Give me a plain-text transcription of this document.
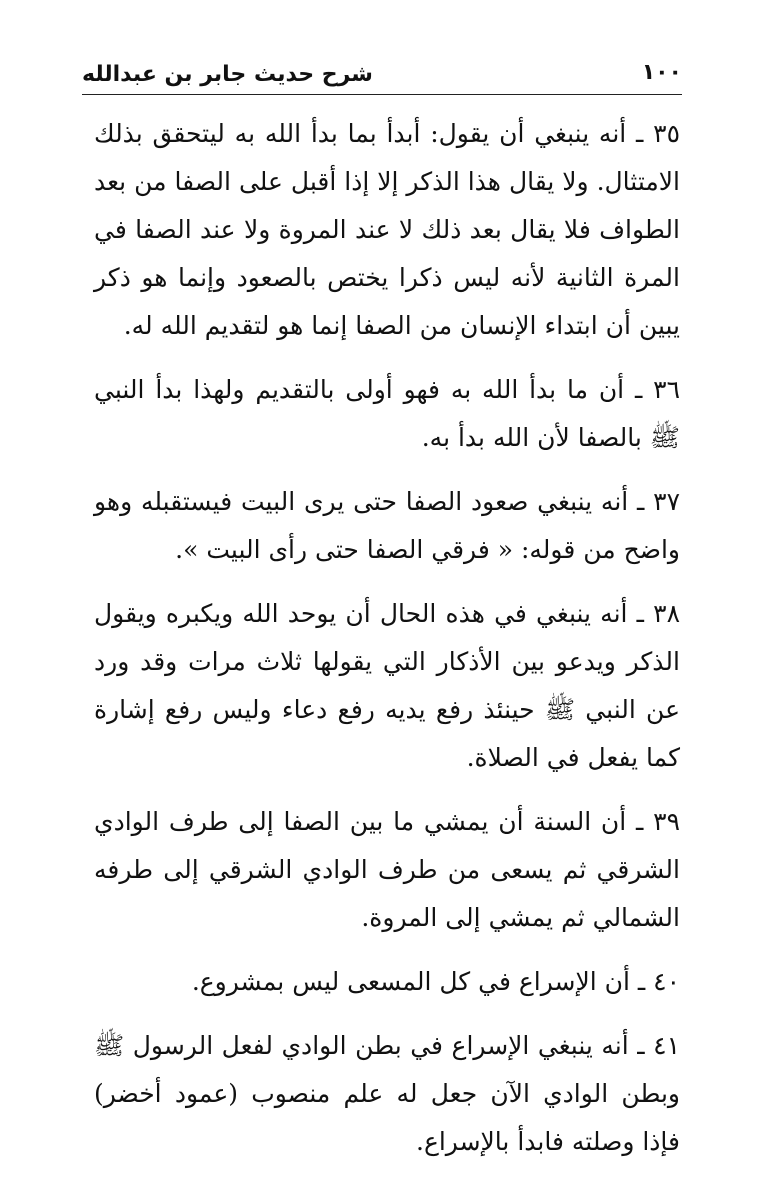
١٠٠
شرح حديث جابر بن عبدالله

٣٥ ـ أنه ينبغي أن يقول: أبدأ بما بدأ الله به ليتحقق بذلك الامتثال. ولا يقال هذا الذكر إلا إذا أقبل على الصفا من بعد الطواف فلا يقال بعد ذلك لا عند المروة ولا عند الصفا في المرة الثانية لأنه ليس ذكرا يختص بالصعود وإنما هو ذكر يبين أن ابتداء الإنسان من الصفا إنما هو لتقديم الله له.

٣٦ ـ أن ما بدأ الله به فهو أولى بالتقديم ولهذا بدأ النبي ﷺ بالصفا لأن الله بدأ به.

٣٧ ـ أنه ينبغي صعود الصفا حتى يرى البيت فيستقبله وهو واضح من قوله: « فرقي الصفا حتى رأى البيت ».

٣٨ ـ أنه ينبغي في هذه الحال أن يوحد الله ويكبره ويقول الذكر ويدعو بين الأذكار التي يقولها ثلاث مرات وقد ورد عن النبي ﷺ حينئذ رفع يديه رفع دعاء وليس رفع إشارة كما يفعل في الصلاة.

٣٩ ـ أن السنة أن يمشي ما بين الصفا إلى طرف الوادي الشرقي ثم يسعى من طرف الوادي الشرقي إلى طرفه الشمالي ثم يمشي إلى المروة.

٤٠ ـ أن الإسراع في كل المسعى ليس بمشروع.

٤١ ـ أنه ينبغي الإسراع في بطن الوادي لفعل الرسول ﷺ وبطن الوادي الآن جعل له علم منصوب (عمود أخضر) فإذا وصلته فابدأ بالإسراع.
